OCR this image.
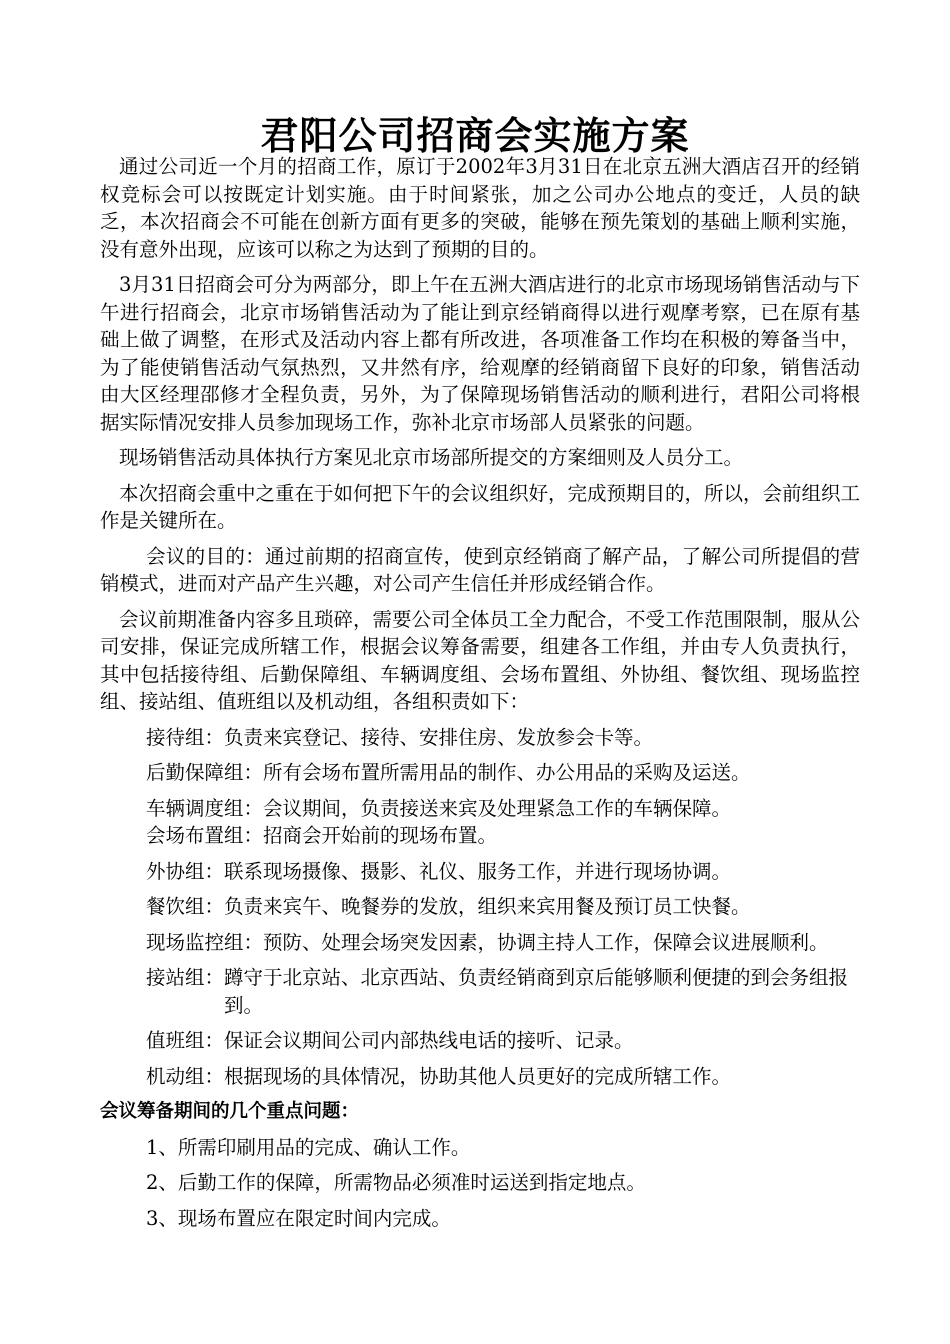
君阳公司招商会实施方案

通过公司近一个月的招商工作，原订于2002年3月31日在北京五洲大酒店召开的经销权竞标会可以按既定计划实施。由于时间紧张，加之公司办公地点的变迁，人员的缺乏，本次招商会不可能在创新方面有更多的突破，能够在预先策划的基础上顺利实施，没有意外出现，应该可以称之为达到了预期的目的。

3月31日招商会可分为两部分，即上午在五洲大酒店进行的北京市场现场销售活动与下午进行招商会，北京市场销售活动为了能让到京经销商得以进行观摩考察，已在原有基础上做了调整，在形式及活动内容上都有所改进，各项准备工作均在积极的筹备当中，为了能使销售活动气氛热烈，又井然有序，给观摩的经销商留下良好的印象，销售活动由大区经理邵修才全程负责，另外，为了保障现场销售活动的顺利进行，君阳公司将根据实际情况安排人员参加现场工作，弥补北京市场部人员紧张的问题。

现场销售活动具体执行方案见北京市场部所提交的方案细则及人员分工。

本次招商会重中之重在于如何把下午的会议组织好，完成预期目的，所以，会前组织工作是关键所在。

会议的目的：通过前期的招商宣传，使到京经销商了解产品，了解公司所提倡的营销模式，进而对产品产生兴趣，对公司产生信任并形成经销合作。

会议前期准备内容多且琐碎，需要公司全体员工全力配合，不受工作范围限制，服从公司安排，保证完成所辖工作，根据会议筹备需要，组建各工作组，并由专人负责执行，其中包括接待组、后勤保障组、车辆调度组、会场布置组、外协组、餐饮组、现场监控组、接站组、值班组以及机动组，各组积责如下：

接待组： 负责来宾登记、接待、安排住房、发放参会卡等。
后勤保障组： 所有会场布置所需用品的制作、办公用品的采购及运送。
车辆调度组： 会议期间，负责接送来宾及处理紧急工作的车辆保障。
会场布置组： 招商会开始前的现场布置。
外协组： 联系现场摄像、摄影、礼仪、服务工作，并进行现场协调。
餐饮组： 负责来宾午、晚餐券的发放，组织来宾用餐及预订员工快餐。
现场监控组： 预防、处理会场突发因素，协调主持人工作，保障会议进展顺利。
接站组： 蹲守于北京站、北京西站、负责经销商到京后能够顺利便捷的到会务组报到。
值班组： 保证会议期间公司内部热线电话的接听、记录。
机动组： 根据现场的具体情况，协助其他人员更好的完成所辖工作。

会议筹备期间的几个重点问题：

1、所需印刷用品的完成、确认工作。

2、后勤工作的保障，所需物品必须准时运送到指定地点。

3、现场布置应在限定时间内完成。
